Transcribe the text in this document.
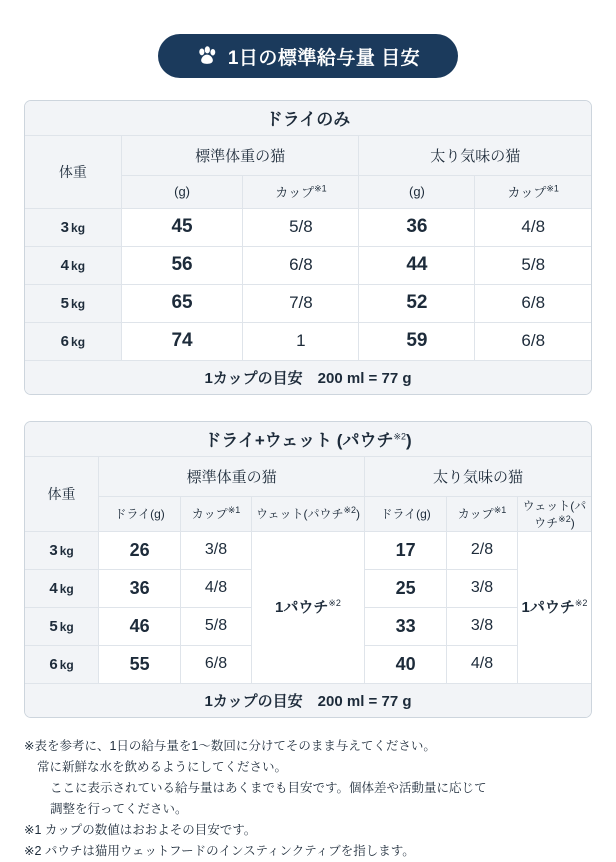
1日の標準給与量 目安
ドライのみ				
体重	標準体重の猫		太り気味の猫	
	(g)	カップ$^{※1}$	(g)	カップ$^{※1}$
3 kg	45	5/8	36	4/8
4 kg	56	6/8	44	5/8
5 kg	65	7/8	52	6/8
6 kg	74	1	59	6/8
1カップの目安　200 ml = 77 g				
ドライ+ウェット (パウチ$^{※2}$)						
体重	標準体重の猫			太り気味の猫		
	ドライ(g)	カップ$^{※1}$	ウェット(パウチ$^{※2}$)	ドライ(g)	カップ$^{※1}$	ウェット(パウチ$^{※2}$)
3 kg	26	3/8	1パウチ$^{※2}$	17	2/8	1パウチ$^{※2}$
4 kg	36	4/8		25	3/8	
5 kg	46	5/8		33	3/8	
6 kg	55	6/8		40	4/8	
1カップの目安　200 ml = 77 g						
※表を参考に、1日の給与量を1〜数回に分けてそのまま与えてください。
常に新鮮な水を飲めるようにしてください。
ここに表示されている給与量はあくまでも目安です。個体差や活動量に応じて
調整を行ってください。
※1 カップの数値はおおよその目安です。
※2 パウチは猫用ウェットフードのインスティンクティブを指します。
